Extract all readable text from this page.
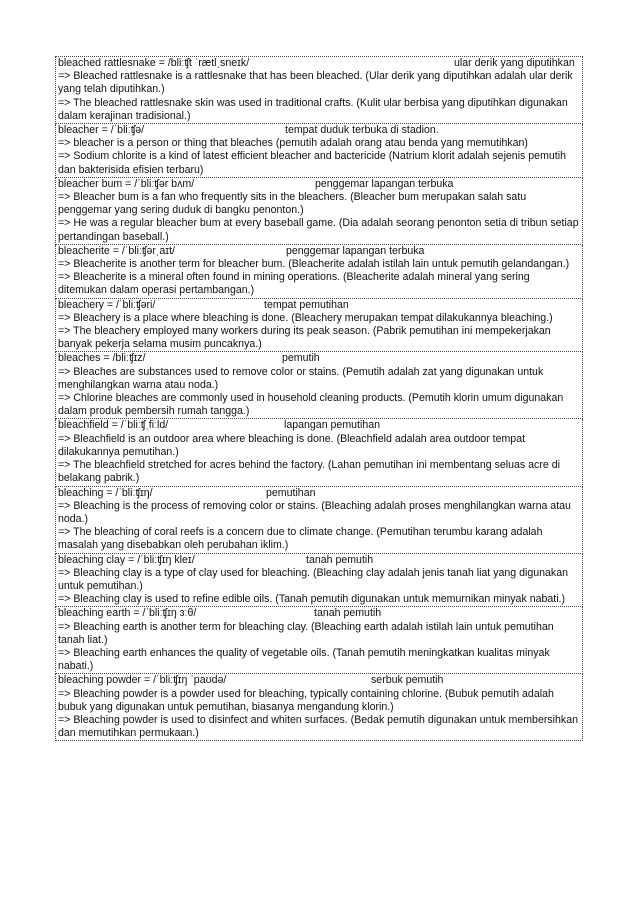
bleached rattlesnake = /bliːʧt ˈrætlˌsneɪk/	ular derik yang diputihkan

=> Bleached rattlesnake is a rattlesnake that has been bleached. (Ular derik yang diputihkan adalah ular derik yang telah diputihkan.)

=> The bleached rattlesnake skin was used in traditional crafts. (Kulit ular berbisa yang diputihkan digunakan dalam kerajinan tradisional.)

bleacher = /ˈbliːʧə/	tempat duduk terbuka di stadion.

=> bleacher is a person or thing that bleaches (pemutih adalah orang atau benda yang memutihkan)

=> Sodium chlorite is a kind of latest efficient bleacher and bactericide (Natrium klorit adalah sejenis pemutih dan bakterisida efisien terbaru)

bleacher bum = /ˈbliːʧər bʌm/	penggemar lapangan terbuka

=> Bleacher bum is a fan who frequently sits in the bleachers. (Bleacher bum merupakan salah satu penggemar yang sering duduk di bangku penonton.)

=> He was a regular bleacher bum at every baseball game. (Dia adalah seorang penonton setia di tribun setiap pertandingan baseball.)

bleacherite = /ˈbliːʧərˌaɪt/	penggemar lapangan terbuka

=> Bleacherite is another term for bleacher bum. (Bleacherite adalah istilah lain untuk pemutih gelandangan.)

=> Bleacherite is a mineral often found in mining operations. (Bleacherite adalah mineral yang sering ditemukan dalam operasi pertambangan.)

bleachery = /ˈbliːʧəri/	tempat pemutihan

=> Bleachery is a place where bleaching is done. (Bleachery merupakan tempat dilakukannya bleaching.)

=> The bleachery employed many workers during its peak season. (Pabrik pemutihan ini mempekerjakan banyak pekerja selama musim puncaknya.)

bleaches = /bliːʧɪz/	pemutih

=> Bleaches are substances used to remove color or stains. (Pemutih adalah zat yang digunakan untuk menghilangkan warna atau noda.)

=> Chlorine bleaches are commonly used in household cleaning products. (Pemutih klorin umum digunakan dalam produk pembersih rumah tangga.)

bleachfield = /ˈbliːʧˌfiːld/	lapangan pemutihan

=> Bleachfield is an outdoor area where bleaching is done. (Bleachfield adalah area outdoor tempat dilakukannya pemutihan.)

=> The bleachfield stretched for acres behind the factory. (Lahan pemutihan ini membentang seluas acre di belakang pabrik.)

bleaching = /ˈbliːʧɪŋ/	pemutihan

=> Bleaching is the process of removing color or stains. (Bleaching adalah proses menghilangkan warna atau noda.)

=> The bleaching of coral reefs is a concern due to climate change. (Pemutihan terumbu karang adalah masalah yang disebabkan oleh perubahan iklim.)

bleaching clay = /ˈbliːʧɪŋ kleɪ/	tanah pemutih

=> Bleaching clay is a type of clay used for bleaching. (Bleaching clay adalah jenis tanah liat yang digunakan untuk pemutihan.)

=> Bleaching clay is used to refine edible oils. (Tanah pemutih digunakan untuk memurnikan minyak nabati.)

bleaching earth = /ˈbliːʧɪŋ ɜːθ/	tanah pemutih

=> Bleaching earth is another term for bleaching clay. (Bleaching earth adalah istilah lain untuk pemutihan tanah liat.)

=> Bleaching earth enhances the quality of vegetable oils. (Tanah pemutih meningkatkan kualitas minyak nabati.)

bleaching powder = /ˈbliːʧɪŋ ˈpaʊdə/	serbuk pemutih

=> Bleaching powder is a powder used for bleaching, typically containing chlorine. (Bubuk pemutih adalah bubuk yang digunakan untuk pemutihan, biasanya mengandung klorin.)

=> Bleaching powder is used to disinfect and whiten surfaces. (Bedak pemutih digunakan untuk membersihkan dan memutihkan permukaan.)
